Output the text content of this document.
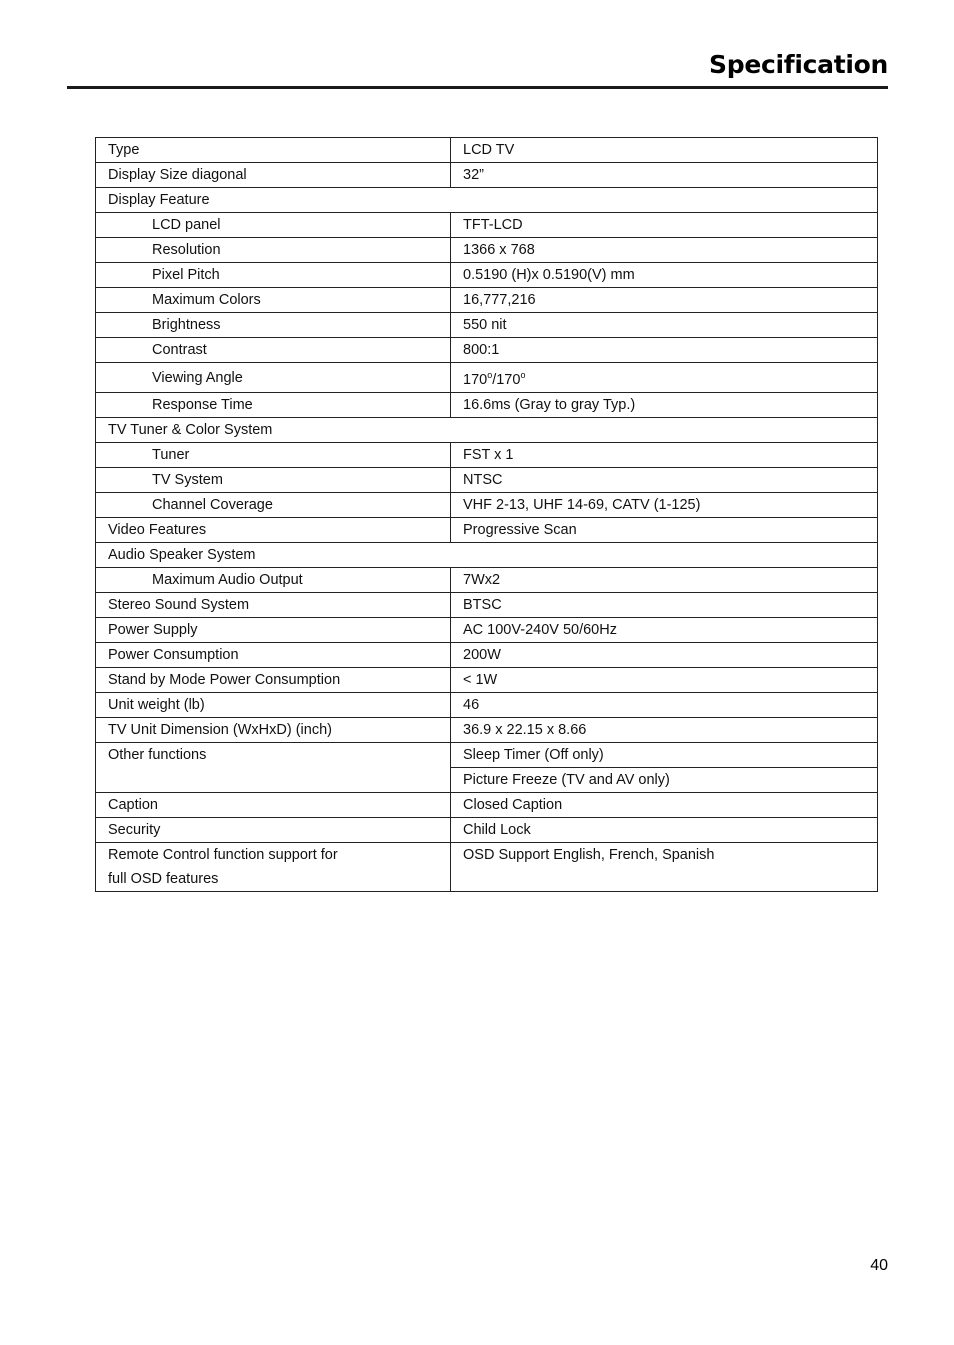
Specification
Type	LCD TV
Display Size diagonal	32”
Display Feature	
LCD panel	TFT-LCD
Resolution	1366 x 768
Pixel Pitch	0.5190 (H)x 0.5190(V) mm
Maximum Colors	16,777,216
Brightness	550 nit
Contrast	800:1
Viewing Angle	170$^o$/170$^o$
Response Time	16.6ms (Gray to gray Typ.)
TV Tuner & Color System	
Tuner	FST x 1
TV System	NTSC
Channel Coverage	VHF 2-13, UHF 14-69, CATV (1-125)
Video Features	Progressive Scan
Audio Speaker System	
Maximum Audio Output	7Wx2
Stereo Sound System	BTSC
Power Supply	AC 100V-240V 50/60Hz
Power Consumption	200W
Stand by Mode Power Consumption	< 1W
Unit weight (lb)	46
TV Unit Dimension (WxHxD) (inch)	36.9 x 22.15 x 8.66
Other functions	Sleep Timer (Off only)
	Picture Freeze (TV and AV only)
Caption	Closed Caption
Security	Child Lock

Remote Control function support for
full OSD features	OSD Support English, French, Spanish
40
